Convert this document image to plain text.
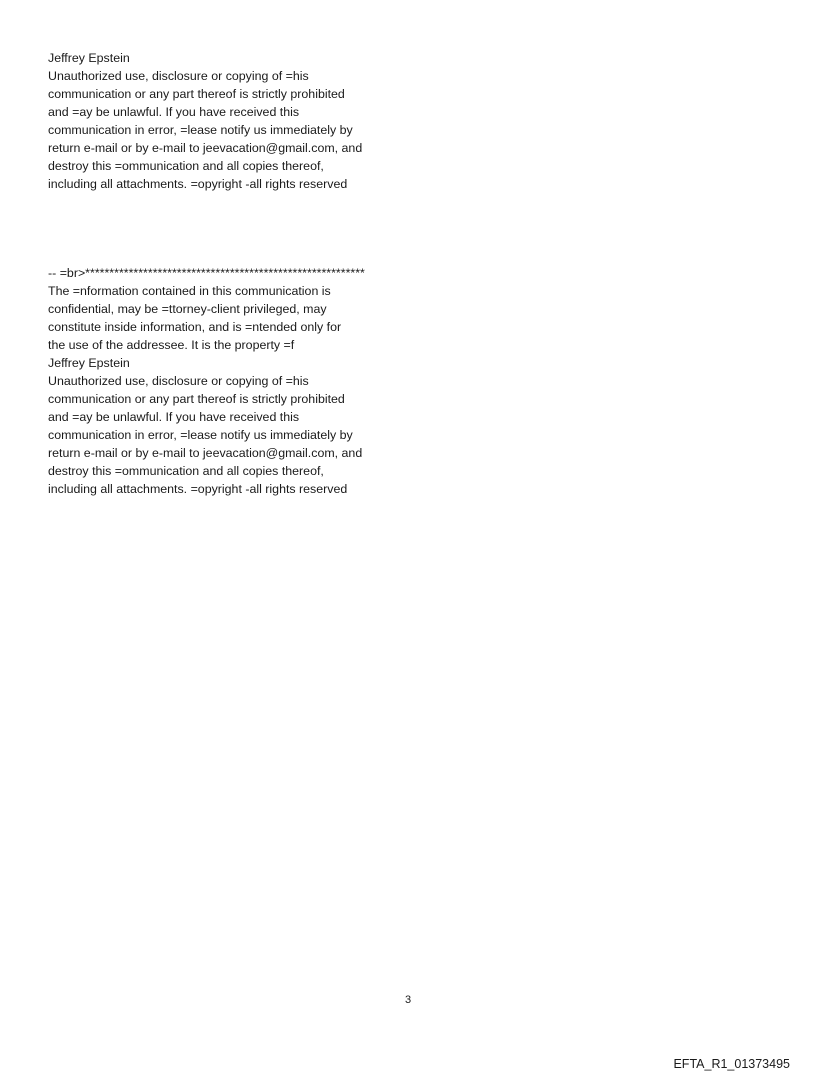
Jeffrey Epstein
Unauthorized use, disclosure or copying of =his
communication or any part thereof is strictly prohibited
and =ay be unlawful. If you have received this
communication in error, =lease notify us immediately by
return e-mail or by e-mail to jeevacation@gmail.com, and
destroy this =ommunication and all copies thereof,
including all attachments. =opyright -all rights reserved
-- =br>**********************************************************
The =nformation contained in this communication is
confidential, may be =ttorney-client privileged, may
constitute inside information, and is =ntended only for
the use of the addressee. It is the property =f
Jeffrey Epstein
Unauthorized use, disclosure or copying of =his
communication or any part thereof is strictly prohibited
and =ay be unlawful. If you have received this
communication in error, =lease notify us immediately by
return e-mail or by e-mail to jeevacation@gmail.com, and
destroy this =ommunication and all copies thereof,
including all attachments. =opyright -all rights reserved
3
EFTA_R1_01373495
